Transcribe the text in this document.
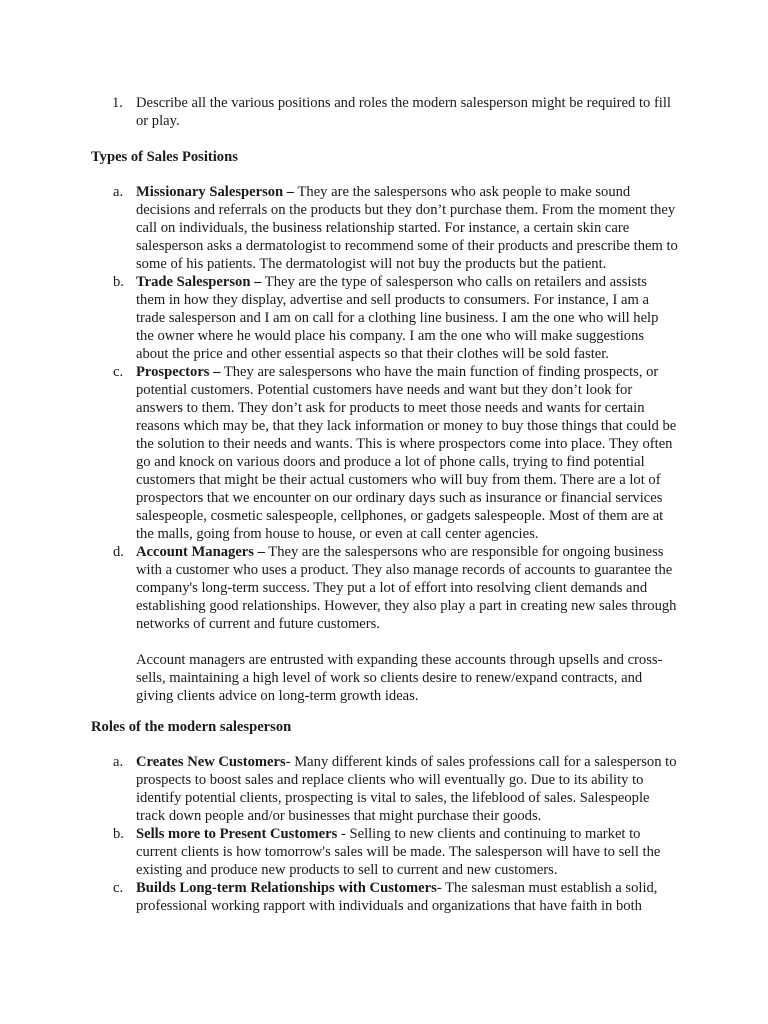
1. Describe all the various positions and roles the modern salesperson might be required to fill or play.
Types of Sales Positions
a. Missionary Salesperson – They are the salespersons who ask people to make sound decisions and referrals on the products but they don’t purchase them. From the moment they call on individuals, the business relationship started. For instance, a certain skin care salesperson asks a dermatologist to recommend some of their products and prescribe them to some of his patients. The dermatologist will not buy the products but the patient.

b. Trade Salesperson – They are the type of salesperson who calls on retailers and assists them in how they display, advertise and sell products to consumers. For instance, I am a trade salesperson and I am on call for a clothing line business. I am the one who will help the owner where he would place his company. I am the one who will make suggestions about the price and other essential aspects so that their clothes will be sold faster.

c. Prospectors – They are salespersons who have the main function of finding prospects, or potential customers. Potential customers have needs and want but they don’t look for answers to them. They don’t ask for products to meet those needs and wants for certain reasons which may be, that they lack information or money to buy those things that could be the solution to their needs and wants. This is where prospectors come into place. They often go and knock on various doors and produce a lot of phone calls, trying to find potential customers that might be their actual customers who will buy from them. There are a lot of prospectors that we encounter on our ordinary days such as insurance or financial services salespeople, cosmetic salespeople, cellphones, or gadgets salespeople. Most of them are at the malls, going from house to house, or even at call center agencies.

d. Account Managers – They are the salespersons who are responsible for ongoing business with a customer who uses a product. They also manage records of accounts to guarantee the company's long-term success. They put a lot of effort into resolving client demands and establishing good relationships. However, they also play a part in creating new sales through networks of current and future customers.

Account managers are entrusted with expanding these accounts through upsells and cross-sells, maintaining a high level of work so clients desire to renew/expand contracts, and giving clients advice on long-term growth ideas.

Roles of the modern salesperson
a. Creates New Customers- Many different kinds of sales professions call for a salesperson to prospects to boost sales and replace clients who will eventually go. Due to its ability to identify potential clients, prospecting is vital to sales, the lifeblood of sales. Salespeople track down people and/or businesses that might purchase their goods.

b. Sells more to Present Customers - Selling to new clients and continuing to market to current clients is how tomorrow's sales will be made. The salesperson will have to sell the existing and produce new products to sell to current and new customers.

c. Builds Long-term Relationships with Customers- The salesman must establish a solid, professional working rapport with individuals and organizations that have faith in both
